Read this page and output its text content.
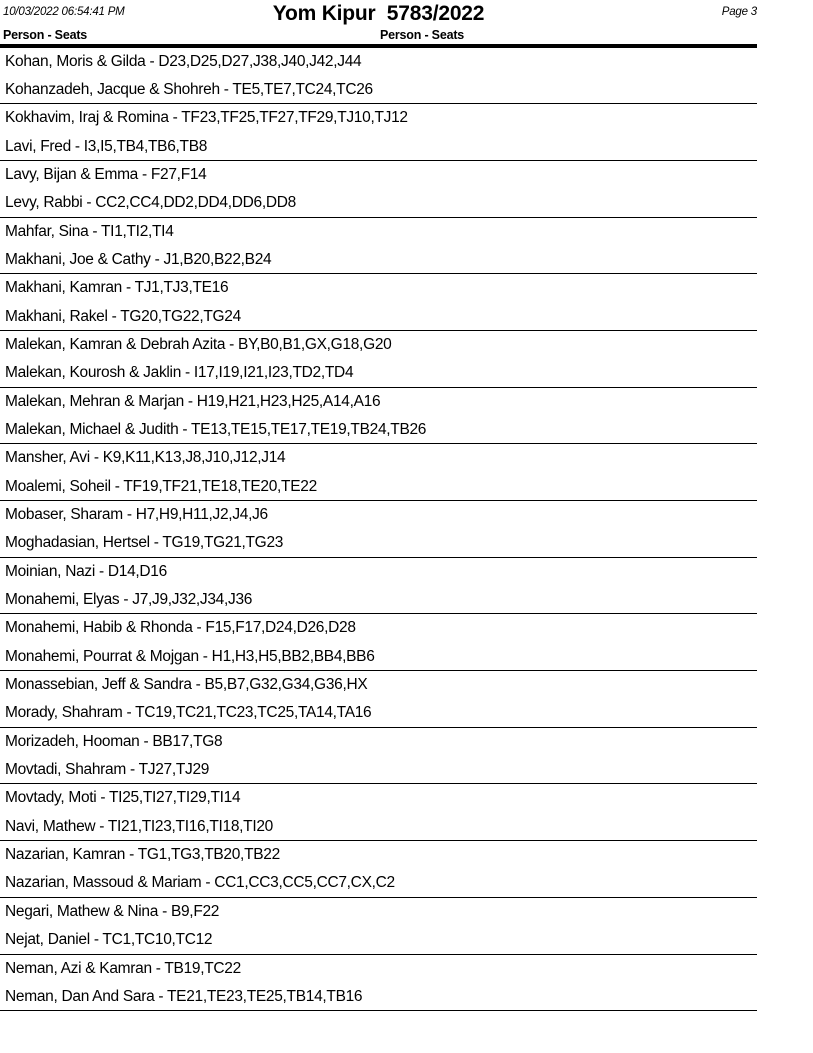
10/03/2022 06:54:41 PM	Yom Kipur  5783/2022	Page 3
Person - Seats	Person - Seats
Kohan, Moris & Gilda - D23,D25,D27,J38,J40,J42,J44
Kohanzadeh, Jacque & Shohreh - TE5,TE7,TC24,TC26
Kokhavim, Iraj & Romina - TF23,TF25,TF27,TF29,TJ10,TJ12
Lavi, Fred - I3,I5,TB4,TB6,TB8
Lavy, Bijan & Emma - F27,F14
Levy, Rabbi - CC2,CC4,DD2,DD4,DD6,DD8
Mahfar, Sina - TI1,TI2,TI4
Makhani, Joe & Cathy - J1,B20,B22,B24
Makhani, Kamran - TJ1,TJ3,TE16
Makhani, Rakel - TG20,TG22,TG24
Malekan, Kamran & Debrah Azita - BY,B0,B1,GX,G18,G20
Malekan, Kourosh & Jaklin - I17,I19,I21,I23,TD2,TD4
Malekan, Mehran & Marjan - H19,H21,H23,H25,A14,A16
Malekan, Michael & Judith - TE13,TE15,TE17,TE19,TB24,TB26
Mansher, Avi - K9,K11,K13,J8,J10,J12,J14
Moalemi, Soheil - TF19,TF21,TE18,TE20,TE22
Mobaser, Sharam - H7,H9,H11,J2,J4,J6
Moghadasian, Hertsel - TG19,TG21,TG23
Moinian, Nazi - D14,D16
Monahemi, Elyas - J7,J9,J32,J34,J36
Monahemi, Habib & Rhonda - F15,F17,D24,D26,D28
Monahemi, Pourrat & Mojgan - H1,H3,H5,BB2,BB4,BB6
Monassebian, Jeff & Sandra - B5,B7,G32,G34,G36,HX
Morady, Shahram - TC19,TC21,TC23,TC25,TA14,TA16
Morizadeh, Hooman - BB17,TG8
Movtadi, Shahram - TJ27,TJ29
Movtady, Moti - TI25,TI27,TI29,TI14
Navi, Mathew - TI21,TI23,TI16,TI18,TI20
Nazarian, Kamran - TG1,TG3,TB20,TB22
Nazarian, Massoud & Mariam - CC1,CC3,CC5,CC7,CX,C2
Negari, Mathew & Nina - B9,F22
Nejat, Daniel - TC1,TC10,TC12
Neman, Azi & Kamran - TB19,TC22
Neman, Dan And Sara - TE21,TE23,TE25,TB14,TB16
